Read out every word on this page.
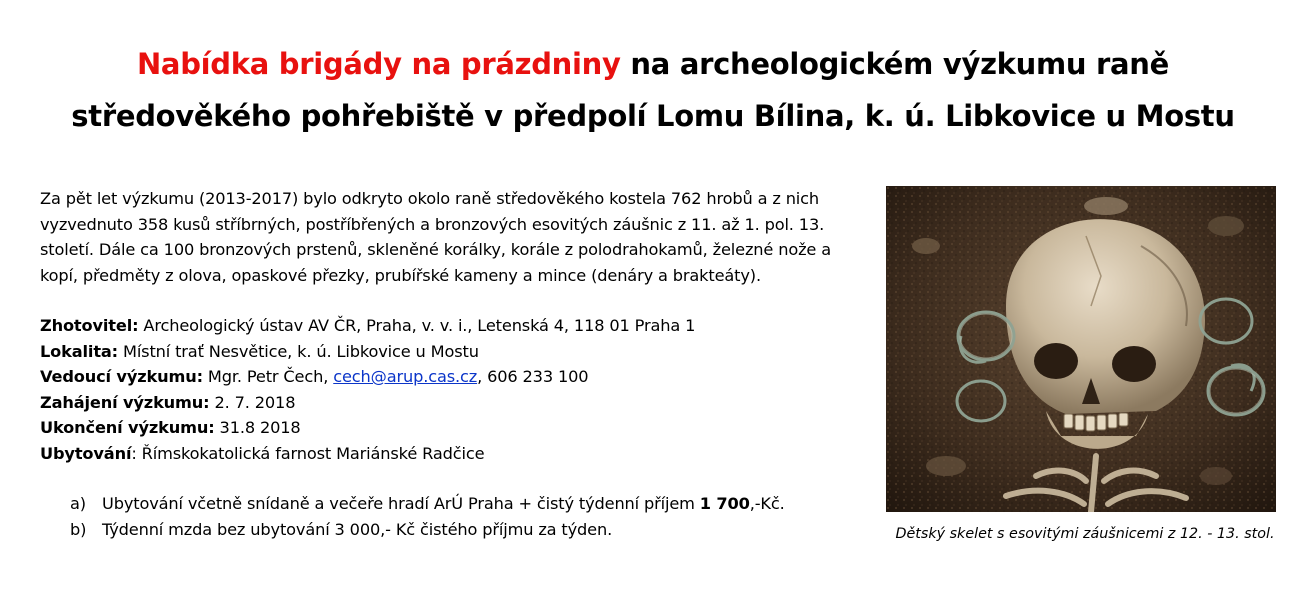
Nabídka brigády na prázdniny na archeologickém výzkumu raně
středověkého pohřebiště v předpolí Lomu Bílina, k. ú. Libkovice u Mostu

Za pět let výzkumu (2013-2017) bylo odkryto okolo raně středověkého kostela 762 hrobů a z nich vyzvednuto 358 kusů stříbrných, postříbřených a bronzových esovitých záušnic z 11. až 1. pol. 13. století. Dále ca 100 bronzových prstenů, skleněné korálky, korále z polodrahokamů, železné nože a kopí, předměty z olova, opaskové přezky, prubířské kameny a mince (denáry a brakteáty).

Zhotovitel: Archeologický ústav AV ČR, Praha, v. v. i., Letenská 4, 118 01 Praha 1

Lokalita: Místní trať Nesvětice, k. ú. Libkovice u Mostu

Vedoucí výzkumu: Mgr. Petr Čech, cech@arup.cas.cz, 606 233 100

Zahájení výzkumu: 2. 7. 2018

Ukončení výzkumu: 31.8 2018

Ubytování: Římskokatolická farnost Mariánské Radčice

a) Ubytování včetně snídaně a večeře hradí ArÚ Praha + čistý týdenní příjem 1 700,-Kč.
b) Týdenní mzda bez ubytování 3 000,- Kč čistého příjmu za týden.	Dětský skelet s esovitými záušnicemi z 12. - 13. stol.
